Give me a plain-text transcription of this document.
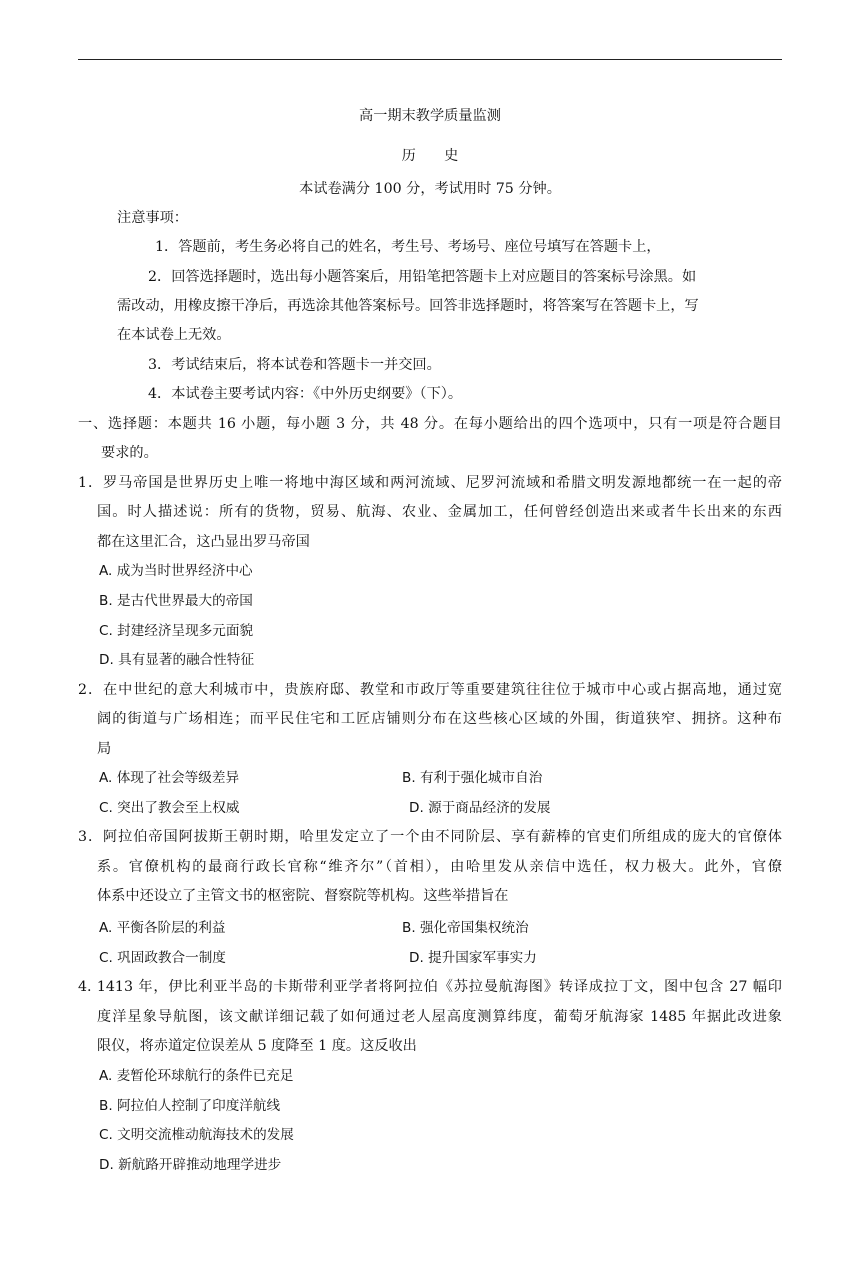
高一期末教学质量监测
历　　史
本试卷满分 100 分，考试用时 75 分钟。
注意事项：
1．答题前，考生务必将自己的姓名，考生号、考场号、座位号填写在答题卡上，
2．回答选择题时，选出每小题答案后，用铅笔把答题卡上对应题目的答案标号涂黑。如
需改动，用橡皮擦干净后，再选涂其他答案标号。回答非选择题时，将答案写在答题卡上，写
在本试卷上无效。
3．考试结束后，将本试卷和答题卡一并交回。
4．本试卷主要考试内容：《中外历史纲要》（下）。
一、选择题：本题共 16 小题，每小题 3 分，共 48 分。在每小题给出的四个选项中，只有一项是符合题目
要求的。
1．罗马帝国是世界历史上唯一将地中海区域和两河流域、尼罗河流域和希腊文明发源地都统一在一起的帝
国。时人描述说：所有的货物，贸易、航海、农业、金属加工，任何曾经创造出来或者牛长出来的东西
都在这里汇合，这凸显出罗马帝国
A. 成为当时世界经济中心
B. 是古代世界最大的帝国
C. 封建经济呈现多元面貌
D. 具有显著的融合性特征
2．在中世纪的意大利城市中，贵族府邸、教堂和市政厅等重要建筑往往位于城市中心或占据高地，通过宽
阔的街道与广场相连；而平民住宅和工匠店铺则分布在这些核心区域的外围，街道狭窄、拥挤。这种布
局
A. 体现了社会等级差异	B. 有利于强化城市自治
C. 突出了教会至上权威	D. 源于商品经济的发展
3．阿拉伯帝国阿拔斯王朝时期，哈里发定立了一个由不同阶层、享有薪棒的官吏们所组成的庞大的官僚体
系。官僚机构的最商行政长官称“维齐尔”（首相），由哈里发从亲信中选任，权力极大。此外，官僚
体系中还设立了主管文书的枢密院、督察院等机构。这些举措旨在
A. 平衡各阶层的利益	B. 强化帝国集权统治
C. 巩固政教合一制度	D. 提升国家军事实力
4. 1413 年，伊比利亚半岛的卡斯带利亚学者将阿拉伯《苏拉曼航海图》转译成拉丁文，图中包含 27 幅印
度洋星象导航图，该文献详细记载了如何通过老人屋高度测算纬度，葡萄牙航海家 1485 年据此改进象
限仪，将赤道定位误差从 5 度降至 1 度。这反收出
A. 麦暂伦环球航行的条件已充足
B. 阿拉伯人控制了印度洋航线
C. 文明交流椎动航海技术的发展
D. 新航路开辟推动地理学进步
